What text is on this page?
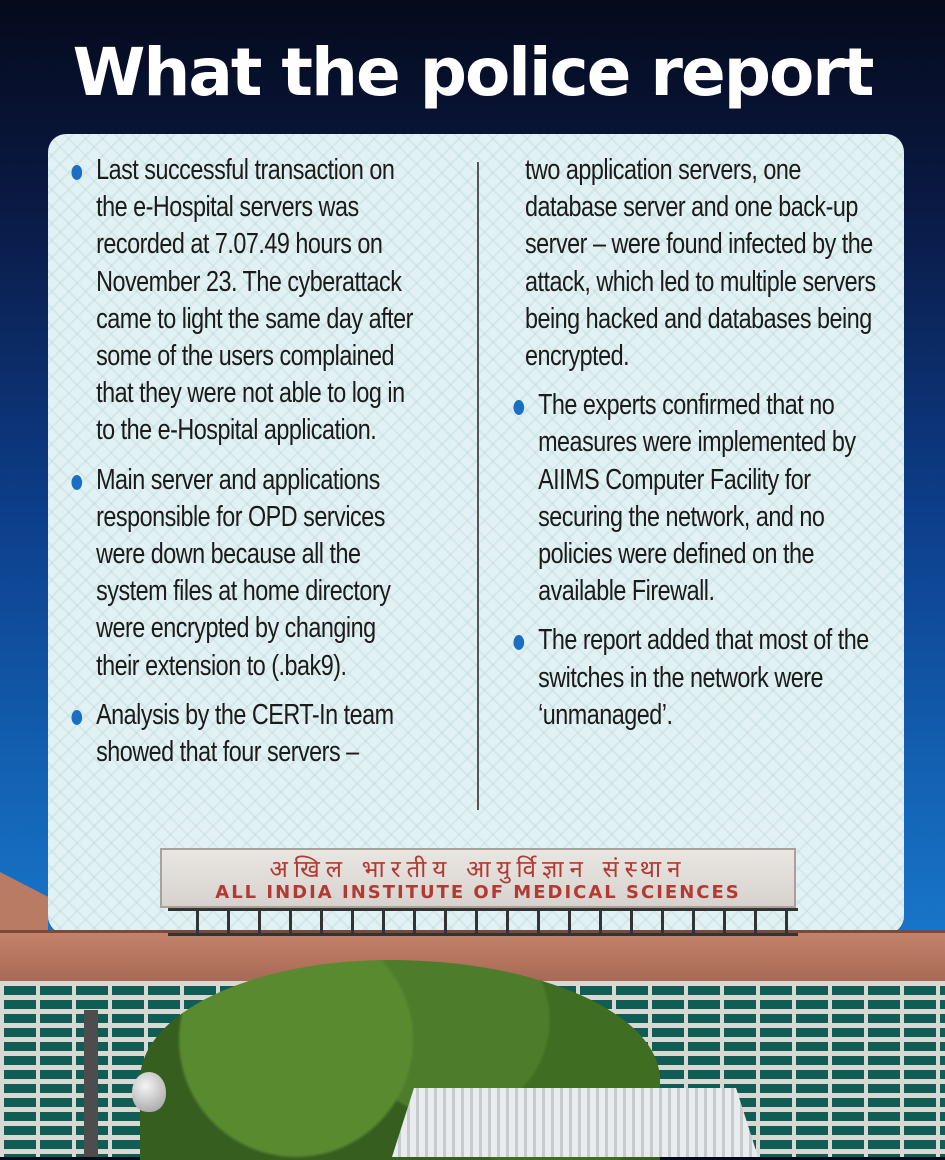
What the police report
Last successful transaction on the e-Hospital servers was recorded at 7.07.49 hours on November 23. The cyberattack came to light the same day after some of the users complained that they were not able to log in to the e-Hospital application.
Main server and applications responsible for OPD services were down because all the system files at home directory were encrypted by changing their extension to (.bak9).
Analysis by the CERT-In team showed that four servers –
two application servers, one database server and one back-up server – were found infected by the attack, which led to multiple servers being hacked and databases being encrypted.
The experts confirmed that no measures were implemented by AIIMS Computer Facility for securing the network, and no policies were defined on the available Firewall.
The report added that most of the switches in the network were ‘unmanaged’.
अखिल भारतीय आयुर्विज्ञान संस्थान
ALL INDIA INSTITUTE OF MEDICAL SCIENCES
